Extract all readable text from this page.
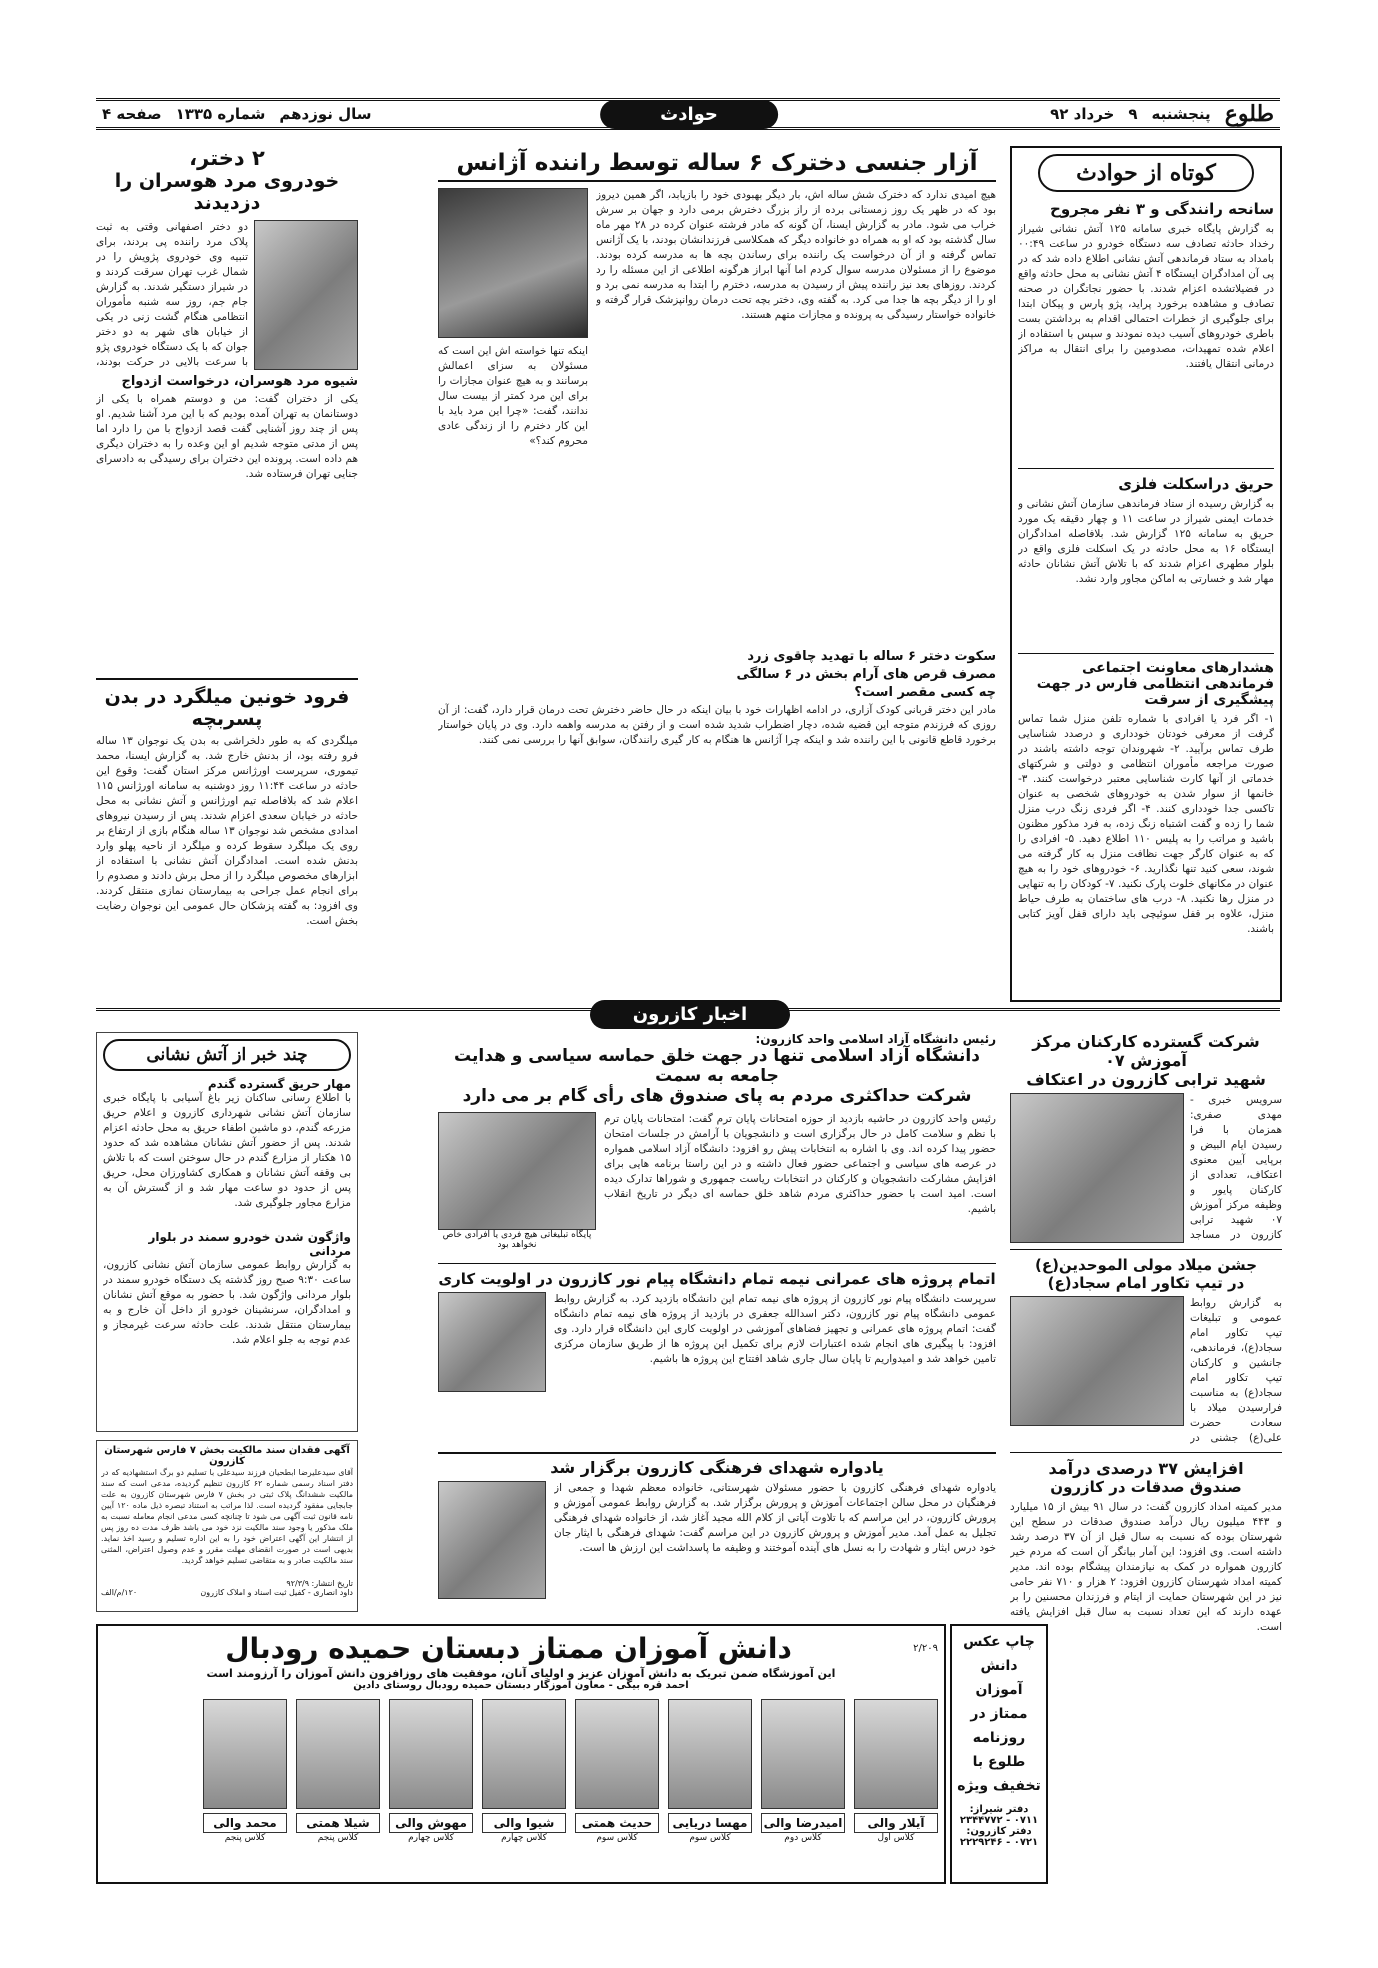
طلوع
پنجشنبه
۹
خرداد ۹۲
سال نوزدهم
شماره ۱۳۳۵
صفحه ۴	حوادث
کوتاه از حوادث
سانحه رانندگی و ۳ نفر مجروح
به گزارش پایگاه خبری سامانه ۱۲۵ آتش نشانی شیراز رخداد حادثه تصادف سه دستگاه خودرو در ساعت ۰۰:۴۹ بامداد به ستاد فرماندهی آتش نشانی اطلاع داده شد که در پی آن امدادگران ایستگاه ۴ آتش نشانی به محل حادثه واقع در فضیلاتشده اعزام شدند. با حضور نجاتگران در صحنه تصادف و مشاهده برخورد پراید، پژو پارس و پیکان ابتدا برای جلوگیری از خطرات احتمالی اقدام به برداشتن بست باطری خودروهای آسیب دیده نمودند و سپس با استفاده از اعلام شده تمهیدات، مصدومین را برای انتقال به مراکز درمانی انتقال یافتند.
حریق دراسکلت فلزی
به گزارش رسیده از ستاد فرماندهی سازمان آتش نشانی و خدمات ایمنی شیراز در ساعت ۱۱ و چهار دقیقه یک مورد حریق به سامانه ۱۲۵ گزارش شد. بلافاصله امدادگران ایستگاه ۱۶ به محل حادثه در یک اسکلت فلزی واقع در بلوار مطهری اعزام شدند که با تلاش آتش نشانان حادثه مهار شد و خسارتی به اماکن مجاور وارد نشد.
هشدارهای معاونت اجتماعی فرماندهی انتظامی فارس در جهت پیشگیری از سرقت
۱- اگر فرد یا افرادی با شماره تلفن منزل شما تماس گرفت از معرفی خودتان خودداری و درصدد شناسایی طرف تماس برآیید. ۲- شهروندان توجه داشته باشند در صورت مراجعه مأموران انتظامی و دولتی و شرکتهای خدماتی از آنها کارت شناسایی معتبر درخواست کنند. ۳- خانمها از سوار شدن به خودروهای شخصی به عنوان تاکسی جدا خودداری کنند. ۴- اگر فردی زنگ درب منزل شما را زده و گفت اشتباه زنگ زده، به فرد مذکور مظنون باشید و مراتب را به پلیس ۱۱۰ اطلاع دهید. ۵- افرادی را که به عنوان کارگر جهت نظافت منزل به کار گرفته می شوند، سعی کنید تنها نگذارید. ۶- خودروهای خود را به هیچ عنوان در مکانهای خلوت پارک نکنید. ۷- کودکان را به تنهایی در منزل رها نکنید. ۸- درب های ساختمان به طرف حیاط منزل، علاوه بر قفل سوئیچی باید دارای قفل آویز کتابی باشند.
آزار جنسی دخترک ۶ ساله توسط راننده آژانس
هیچ امیدی ندارد که دخترک شش ساله اش، بار دیگر بهبودی خود را بازیابد، اگر همین دیروز بود که در ظهر یک روز زمستانی برده از راز بزرگ دخترش برمی دارد و جهان بر سرش خراب می شود. مادر به گزارش ایسنا، آن گونه که مادر فرشته عنوان کرده در ۲۸ مهر ماه سال گذشته بود که او به همراه دو خانواده دیگر که همکلاسی فرزندانشان بودند، با یک آژانس تماس گرفته و از آن درخواست یک راننده برای رساندن بچه ها به مدرسه کرده بودند. موضوع را از مسئولان مدرسه سوال کردم اما آنها ابراز هرگونه اطلاعی از این مسئله را رد کردند. روزهای بعد نیز راننده پیش از رسیدن به مدرسه، دخترم را ابتدا به مدرسه نمی برد و او را از دیگر بچه ها جدا می کرد. به گفته وی، دختر بچه تحت درمان روانپزشک قرار گرفته و خانواده خواستار رسیدگی به پرونده و مجازات متهم هستند.
اینکه تنها خواسته اش این است که مسئولان به سزای اعمالش برسانند و به هیچ عنوان مجازات را برای این مرد کمتر از بیست سال ندانند، گفت: «چرا این مرد باید با این کار دخترم را از زندگی عادی محروم کند؟»
سکوت دختر ۶ ساله با تهدید چاقوی زرد
مصرف قرص های آرام بخش در ۶ سالگی
چه کسی مقصر است؟
مادر این دختر قربانی کودک آزاری، در ادامه اظهارات خود با بیان اینکه در حال حاضر دخترش تحت درمان قرار دارد، گفت: از آن روزی که فرزندم متوجه این قضیه شده، دچار اضطراب شدید شده است و از رفتن به مدرسه واهمه دارد. وی در پایان خواستار برخورد قاطع قانونی با این راننده شد و اینکه چرا آژانس ها هنگام به کار گیری رانندگان، سوابق آنها را بررسی نمی کنند.
۲ دختر،
خودروی مرد هوسران را دزدیدند
دو دختر اصفهانی وقتی به ثبت پلاک مرد راننده پی بردند، برای تنبیه وی خودروی پژویش را در شمال غرب تهران سرقت کردند و در شیراز دستگیر شدند. به گزارش جام جم، روز سه شنبه مأموران انتظامی هنگام گشت زنی در یکی از خیابان های شهر به دو دختر جوان که با یک دستگاه خودروی پژو با سرعت بالایی در حرکت بودند،
شیوه مرد هوسران، درخواست ازدواج
یکی از دختران گفت: من و دوستم همراه با یکی از دوستانمان به تهران آمده بودیم که با این مرد آشنا شدیم. او پس از چند روز آشنایی گفت قصد ازدواج با من را دارد اما پس از مدتی متوجه شدیم او این وعده را به دختران دیگری هم داده است. پرونده این دختران برای رسیدگی به دادسرای جنایی تهران فرستاده شد.
فرود خونین میلگرد در بدن پسربچه
میلگردی که به طور دلخراشی به بدن یک نوجوان ۱۳ ساله فرو رفته بود، از بدنش خارج شد. به گزارش ایسنا، محمد تیموری، سرپرست اورژانس مرکز استان گفت: وقوع این حادثه در ساعت ۱۱:۴۴ روز دوشنبه به سامانه اورژانس ۱۱۵ اعلام شد که بلافاصله تیم اورژانس و آتش نشانی به محل حادثه در خیابان سعدی اعزام شدند. پس از رسیدن نیروهای امدادی مشخص شد نوجوان ۱۳ ساله هنگام بازی از ارتفاع بر روی یک میلگرد سقوط کرده و میلگرد از ناحیه پهلو وارد بدنش شده است. امدادگران آتش نشانی با استفاده از ابزارهای مخصوص میلگرد را از محل برش دادند و مصدوم را برای انجام عمل جراحی به بیمارستان نمازی منتقل کردند. وی افزود: به گفته پزشکان حال عمومی این نوجوان رضایت بخش است.
اخبار کازرون
شرکت گسترده کارکنان مرکز آموزش ۰۷
شهید ترابی کازرون در اعتکاف
سرویس خبری - مهدی صفری: همزمان با فرا رسیدن ایام البیض و برپایی آیین معنوی اعتکاف، تعدادی از کارکنان پایور و وظیفه مرکز آموزش ۰۷ شهید ترابی کازرون در مساجد
جشن میلاد مولی الموحدین(ع)
در تیپ تکاور امام سجاد(ع)
به گزارش روابط عمومی و تبلیغات تیپ تکاور امام سجاد(ع)، فرماندهی، جانشین و کارکنان تیپ تکاور امام سجاد(ع) به مناسبت فرارسیدن میلاد با سعادت حضرت علی(ع) جشنی در
افزایش ۳۷ درصدی درآمد
صندوق صدقات در کازرون
مدیر کمیته امداد کازرون گفت: در سال ۹۱ بیش از ۱۵ میلیارد و ۴۴۳ میلیون ریال درآمد صندوق صدقات در سطح این شهرستان بوده که نسبت به سال قبل از آن ۳۷ درصد رشد داشته است. وی افزود: این آمار بیانگر آن است که مردم خیر کازرون همواره در کمک به نیازمندان پیشگام بوده اند. مدیر کمیته امداد شهرستان کازرون افزود: ۲ هزار و ۷۱۰ نفر حامی نیز در این شهرستان حمایت از ایتام و فرزندان محسنین را بر عهده دارند که این تعداد نسبت به سال قبل افزایش یافته است.
رئیس دانشگاه آزاد اسلامی واحد کازرون:
دانشگاه آزاد اسلامی تنها در جهت خلق حماسه سیاسی و هدایت جامعه به سمت
شرکت حداکثری مردم به پای صندوق های رأی گام بر می دارد
رئیس واحد کازرون در حاشیه بازدید از حوزه امتحانات پایان ترم گفت: امتحانات پایان ترم با نظم و سلامت کامل در حال برگزاری است و دانشجویان با آرامش در جلسات امتحان حضور پیدا کرده اند. وی با اشاره به انتخابات پیش رو افزود: دانشگاه آزاد اسلامی همواره در عرصه های سیاسی و اجتماعی حضور فعال داشته و در این راستا برنامه هایی برای افزایش مشارکت دانشجویان و کارکنان در انتخابات ریاست جمهوری و شوراها تدارک دیده است. امید است با حضور حداکثری مردم شاهد خلق حماسه ای دیگر در تاریخ انقلاب باشیم.
پایگاه تبلیغاتی هیچ فردی یا افرادی خاص نخواهد بود
اتمام پروژه های عمرانی نیمه تمام دانشگاه پیام نور کازرون در اولویت کاری
سرپرست دانشگاه پیام نور کازرون از پروژه های نیمه تمام این دانشگاه بازدید کرد. به گزارش روابط عمومی دانشگاه پیام نور کازرون، دکتر اسدالله جعفری در بازدید از پروژه های نیمه تمام دانشگاه گفت: اتمام پروژه های عمرانی و تجهیز فضاهای آموزشی در اولویت کاری این دانشگاه قرار دارد. وی افزود: با پیگیری های انجام شده اعتبارات لازم برای تکمیل این پروژه ها از طریق سازمان مرکزی تامین خواهد شد و امیدواریم تا پایان سال جاری شاهد افتتاح این پروژه ها باشیم.
یادواره شهدای فرهنگی کازرون برگزار شد
یادواره شهدای فرهنگی کازرون با حضور مسئولان شهرستانی، خانواده معظم شهدا و جمعی از فرهنگیان در محل سالن اجتماعات آموزش و پرورش برگزار شد. به گزارش روابط عمومی آموزش و پرورش کازرون، در این مراسم که با تلاوت آیاتی از کلام الله مجید آغاز شد، از خانواده شهدای فرهنگی تجلیل به عمل آمد. مدیر آموزش و پرورش کازرون در این مراسم گفت: شهدای فرهنگی با ایثار جان خود درس ایثار و شهادت را به نسل های آینده آموختند و وظیفه ما پاسداشت این ارزش ها است.
چند خبر از آتش نشانی
مهار حریق گسترده گندم
با اطلاع رسانی ساکنان زیر باغ آسیابی با پایگاه خبری سازمان آتش نشانی شهرداری کازرون و اعلام حریق مزرعه گندم، دو ماشین اطفاء حریق به محل حادثه اعزام شدند. پس از حضور آتش نشانان مشاهده شد که حدود ۱۵ هکتار از مزارع گندم در حال سوختن است که با تلاش بی وقفه آتش نشانان و همکاری کشاورزان محل، حریق پس از حدود دو ساعت مهار شد و از گسترش آن به مزارع مجاور جلوگیری شد.
واژگون شدن خودرو سمند در بلوار مردانی
به گزارش روابط عمومی سازمان آتش نشانی کازرون، ساعت ۹:۳۰ صبح روز گذشته یک دستگاه خودرو سمند در بلوار مردانی واژگون شد. با حضور به موقع آتش نشانان و امدادگران، سرنشینان خودرو از داخل آن خارج و به بیمارستان منتقل شدند. علت حادثه سرعت غیرمجاز و عدم توجه به جلو اعلام شد.
آگهی فقدان سند مالکیت بخش ۷ فارس شهرستان کازرون
آقای سیدعلیرضا ابطحیان فرزند سیدعلی با تسلیم دو برگ استشهادیه که در دفتر اسناد رسمی شماره ۶۲ کازرون تنظیم گردیده، مدعی است که سند مالکیت ششدانگ پلاک ثبتی در بخش ۷ فارس شهرستان کازرون به علت جابجایی مفقود گردیده است. لذا مراتب به استناد تبصره ذیل ماده ۱۲۰ آیین نامه قانون ثبت آگهی می شود تا چنانچه کسی مدعی انجام معامله نسبت به ملک مذکور یا وجود سند مالکیت نزد خود می باشد ظرف مدت ده روز پس از انتشار این آگهی اعتراض خود را به این اداره تسلیم و رسید اخذ نماید. بدیهی است در صورت انقضای مهلت مقرر و عدم وصول اعتراض، المثنی سند مالکیت صادر و به متقاضی تسلیم خواهد گردید.
تاریخ انتشار: ۹۲/۳/۹
داود انصاری - کفیل ثبت اسناد و املاک کازرون
۱۲۰/م/الف
۲/۲۰۹
دانش آموزان ممتاز دبستان حمیده رودبال
این آموزشگاه ضمن تبریک به دانش آموزان عزیز و اولیای آنان، موفقیت های روزافزون دانش آموزان را آرزومند است
احمد قره بیگی - معاون آموزگار دبستان حمیده رودبال روستای دادین
آیلار والی
کلاس اول
امیدرضا والی
کلاس دوم
مهسا دریایی
کلاس سوم
حدیث همتی
کلاس سوم
شیوا والی
کلاس چهارم
مهوش والی
کلاس چهارم
شیلا همتی
کلاس پنجم
محمد والی
کلاس پنجم
چاپ عکس دانش آموزان ممتاز در روزنامه طلوع با تخفیف ویژه
دفتر شیراز:
۰۷۱۱ - ۲۳۴۴۷۷۲
دفتر کازرون:
۰۷۲۱ - ۲۲۲۹۲۴۶
